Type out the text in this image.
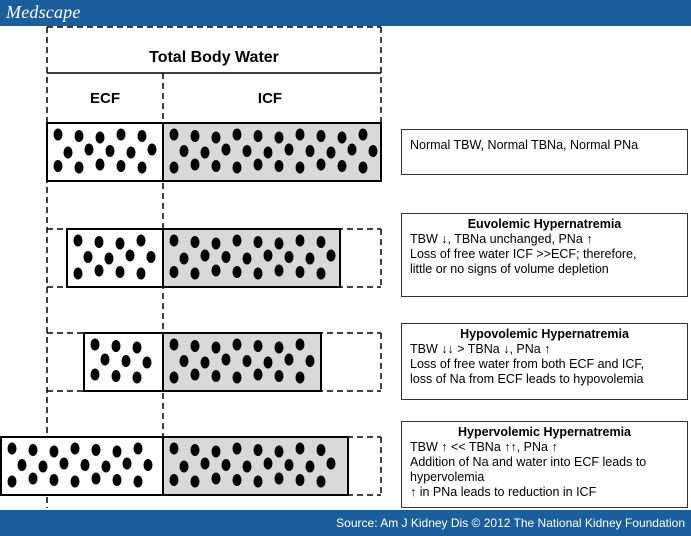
Medscape
Total Body Water
ECF	ICF
Normal TBW, Normal TBNa, Normal PNa
Euvolemic Hypernatremia
TBW ↓, TBNa unchanged, PNa ↑
Loss of free water ICF >>ECF; therefore,
little or no signs of volume depletion
Hypovolemic Hypernatremia
TBW ↓↓ > TBNa ↓, PNa ↑
Loss of free water from both ECF and ICF,
loss of Na from ECF leads to hypovolemia
Hypervolemic Hypernatremia
TBW ↑ << TBNa ↑↑, PNa ↑
Addition of Na and water into ECF leads to
hypervolemia
↑ in PNa leads to reduction in ICF
Source: Am J Kidney Dis © 2012 The National Kidney Foundation
